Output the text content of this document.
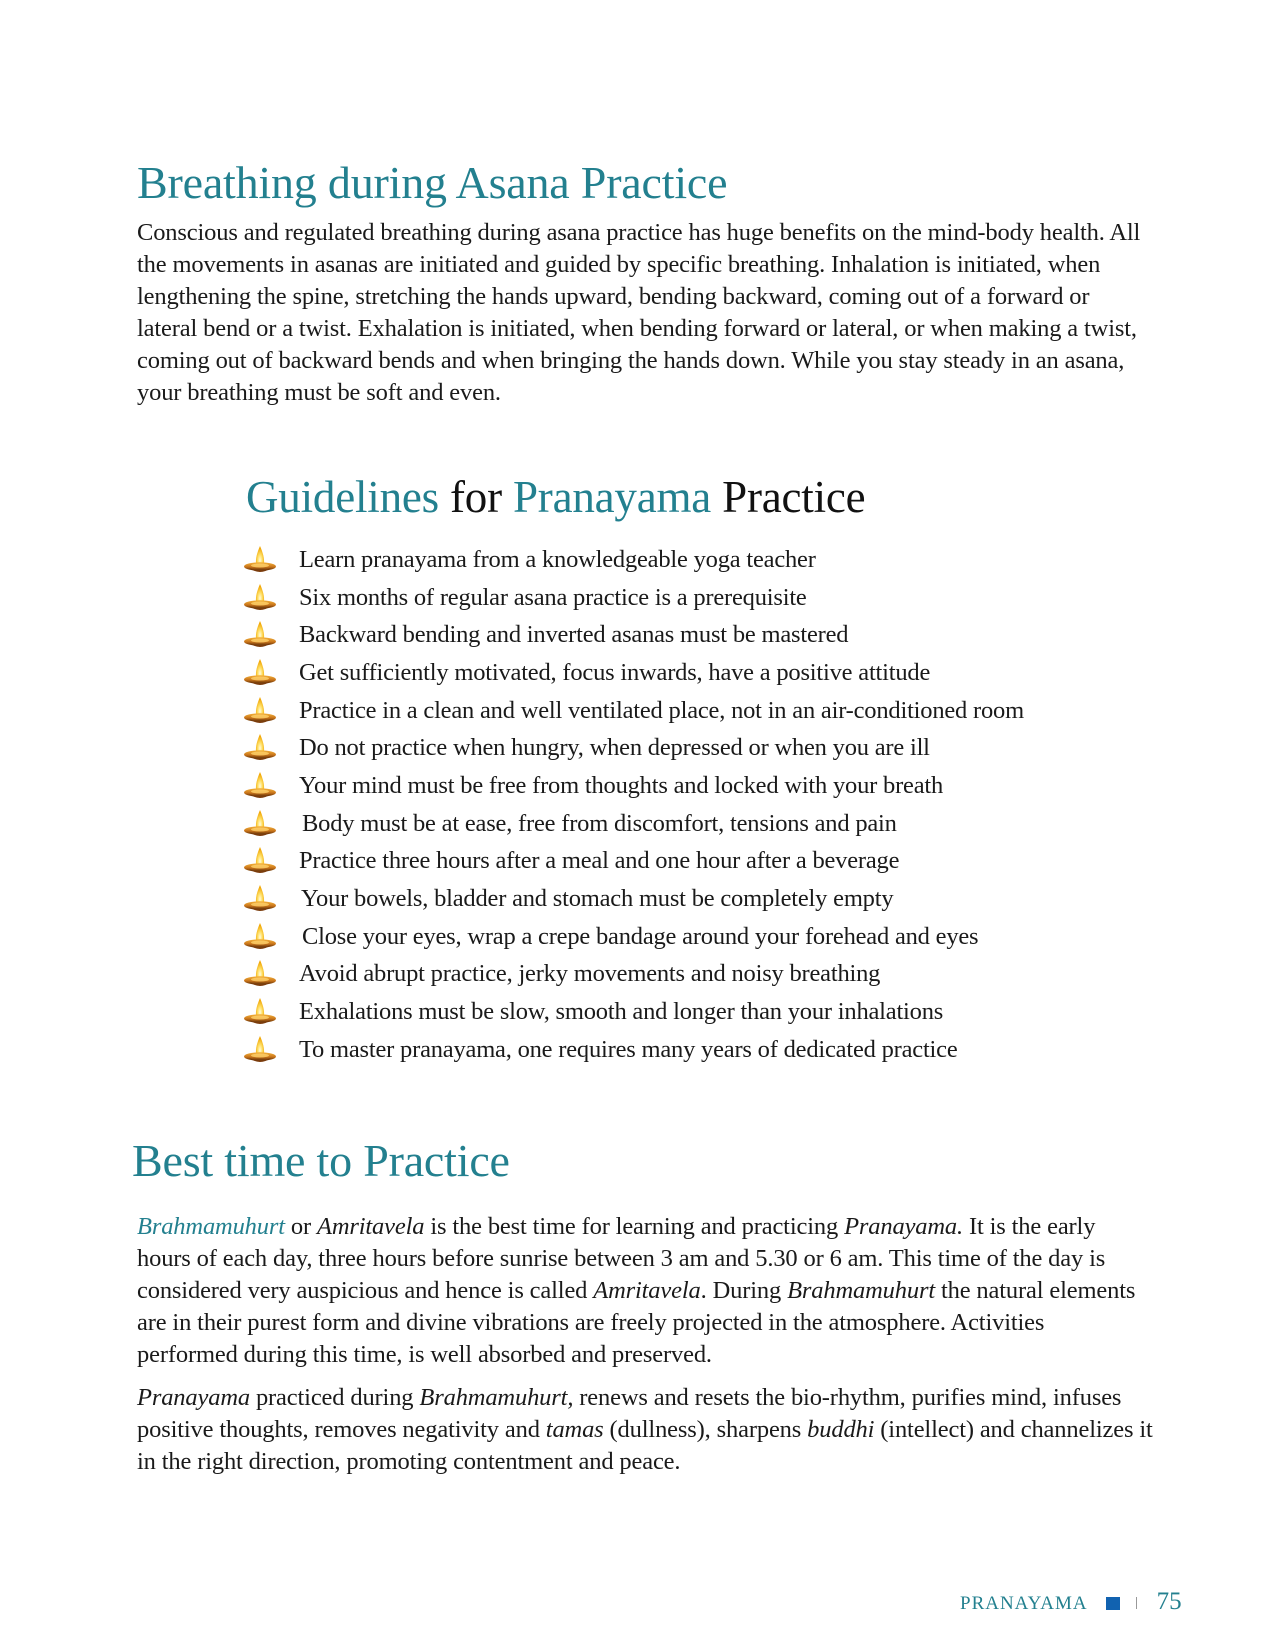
Breathing during Asana Practice

Conscious and regulated breathing during asana practice has huge benefits on the mind-body health. All the movements in asanas are initiated and guided by specific breathing. Inhalation is initiated, when lengthening the spine, stretching the hands upward, bending backward, coming out of a forward or lateral bend or a twist. Exhalation is initiated, when bending forward or lateral, or when making a twist, coming out of backward bends and when bringing the hands down. While you stay steady in an asana, your breathing must be soft and even.

Guidelines for Pranayama Practice
Learn pranayama from a knowledgeable yoga teacher
Six months of regular asana practice is a prerequisite
Backward bending and inverted asanas must be mastered
Get sufficiently motivated, focus inwards, have a positive attitude
Practice in a clean and well ventilated place, not in an air-conditioned room
Do not practice when hungry, when depressed or when you are ill
Your mind must be free from thoughts and locked with your breath
Body must be at ease, free from discomfort, tensions and pain
Practice three hours after a meal and one hour after a beverage
Your bowels, bladder and stomach must be completely empty
Close your eyes, wrap a crepe bandage around your forehead and eyes
Avoid abrupt practice, jerky movements and noisy breathing
Exhalations must be slow, smooth and longer than your inhalations
To master pranayama, one requires many years of dedicated practice
Best time to Practice

Brahmamuhurt or Amritavela is the best time for learning and practicing Pranayama. It is the early hours of each day, three hours before sunrise between 3 am and 5.30 or 6 am. This time of the day is considered very auspicious and hence is called Amritavela. During Brahmamuhurt the natural elements are in their purest form and divine vibrations are freely projected in the atmosphere. Activities performed during this time, is well absorbed and preserved.

Pranayama practiced during Brahmamuhurt, renews and resets the bio-rhythm, purifies mind, infuses positive thoughts, removes negativity and tamas (dullness), sharpens buddhi (intellect) and channelizes it in the right direction, promoting contentment and peace.

PRANAYAMA	75
